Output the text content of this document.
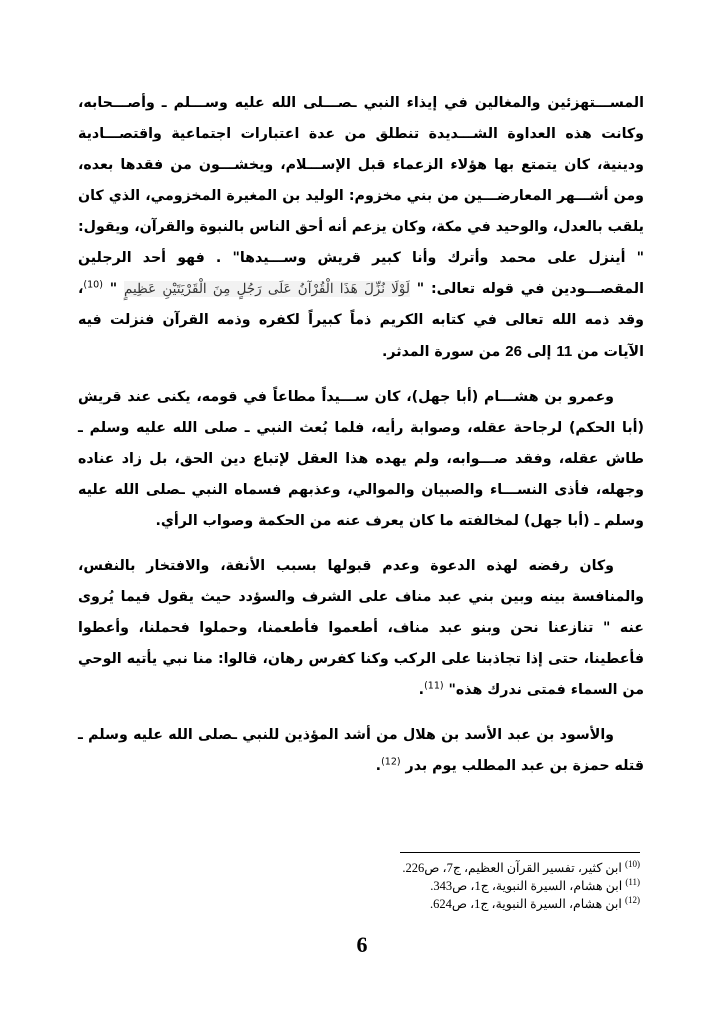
المســـتهزئين والمغالين في إيذاء النبي ـصـــلى الله عليه وســـلم ـ وأصـــحابه، وكانت هذه العداوة الشـــديدة تنطلق من عدة اعتبارات اجتماعية واقتصـــادية ودينية، كان يتمتع بها هؤلاء الزعماء قبل الإســـلام، ويخشـــون من فقدها بعده، ومن أشـــهر المعارضـــين من بني مخزوم: الوليد بن المغيرة المخزومي، الذي كان يلقب بالعدل، والوحيد في مكة، وكان يزعم أنه أحق الناس بالنبوة والقرآن، ويقول: " أينزل على محمد وأترك وأنا كبير قريش وســـيدها" . فهو أحد الرجلين المقصـــودين في قوله تعالى: " لَوْلَا نُزِّلَ هَذَا الْقُرْآنُ عَلَى رَجُلٍ مِنَ الْقَرْيَتَيْنِ عَظِيمٍ " $^{(10)}$، وقد ذمه الله تعالى في كتابه الكريم ذماً كبيراً لكفره وذمه القرآن فنزلت فيه الآيات من 11 إلى 26 من سورة المدثر.

وعمرو بن هشـــام (أبا جهل)، كان ســـيداً مطاعاً في قومه، يكنى عند قريش (أبا الحكم) لرجاحة عقله، وصوابة رأيه، فلما بُعث النبي ـ صلى الله عليه وسلم ـ طاش عقله، وفقد صـــوابه، ولم يهده هذا العقل لإتباع دين الحق، بل زاد عناده وجهله، فأذى النســـاء والصبيان والموالي، وعذبهم فسماه النبي ـصلى الله عليه وسلم ـ (أبا جهل) لمخالفته ما كان يعرف عنه من الحكمة وصواب الرأي.

وكان رفضه لهذه الدعوة وعدم قبولها بسبب الأنفة، والافتخار بالنفس، والمنافسة بينه وبين بني عبد مناف على الشرف والسؤدد حيث يقول فيما يُروى عنه " تنازعنا نحن وبنو عبد مناف، أطعموا فأطعمنا، وحملوا فحملنا، وأعطوا فأعطينا، حتى إذا تجاذبنا على الركب وكنا كفرس رهان، قالوا: منا نبي يأتيه الوحي من السماء فمتى ندرك هذه" $^{(11)}$.

والأسود بن عبد الأسد بن هلال من أشد المؤذين للنبي ـصلى الله عليه وسلم ـ قتله حمزة بن عبد المطلب يوم بدر $^{(12)}$.

$^{(10)}$ ابن كثير، تفسير القرآن العظيم، ج7، ص226.

$^{(11)}$ ابن هشام، السيرة النبوية، ج1، ص343.

$^{(12)}$ ابن هشام، السيرة النبوية، ج1، ص624.

6
